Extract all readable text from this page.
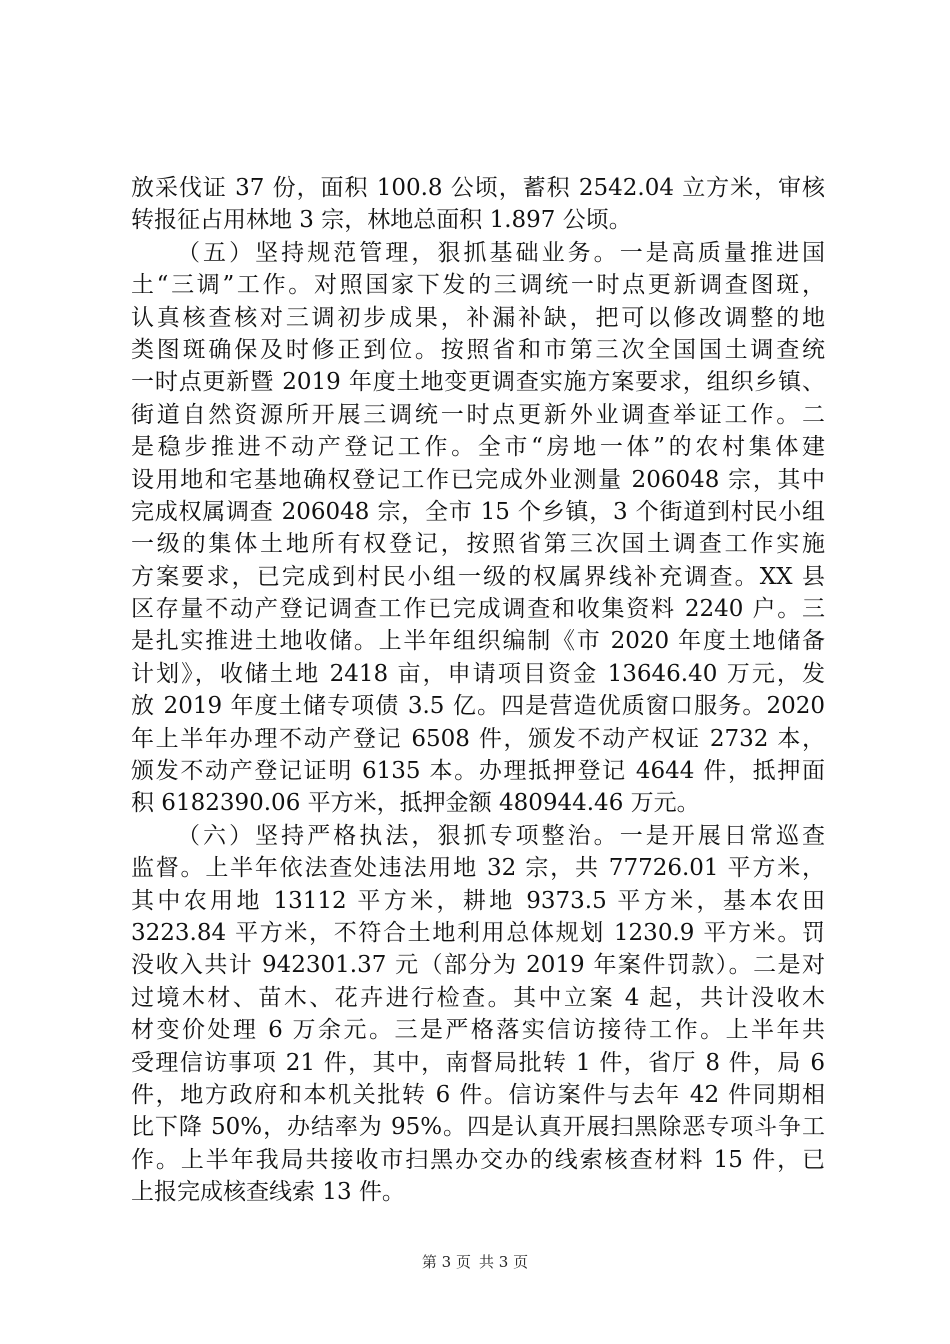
放采伐证 37 份，面积 100.8 公顷，蓄积 2542.04 立方米，审核
转报征占用林地 3 宗，林地总面积 1.897 公顷。
（五）坚持规范管理，狠抓基础业务。一是高质量推进国
土“三调”工作。对照国家下发的三调统一时点更新调查图斑，
认真核查核对三调初步成果，补漏补缺，把可以修改调整的地
类图斑确保及时修正到位。按照省和市第三次全国国土调查统
一时点更新暨 2019 年度土地变更调查实施方案要求，组织乡镇、
街道自然资源所开展三调统一时点更新外业调查举证工作。二
是稳步推进不动产登记工作。全市“房地一体”的农村集体建
设用地和宅基地确权登记工作已完成外业测量 206048 宗，其中
完成权属调查 206048 宗，全市 15 个乡镇，3 个街道到村民小组
一级的集体土地所有权登记，按照省第三次国土调查工作实施
方案要求，已完成到村民小组一级的权属界线补充调查。XX 县
区存量不动产登记调查工作已完成调查和收集资料 2240 户。三
是扎实推进土地收储。上半年组织编制《市 2020 年度土地储备
计划》，收储土地 2418 亩，申请项目资金 13646.40 万元，发
放 2019 年度土储专项债 3.5 亿。四是营造优质窗口服务。2020
年上半年办理不动产登记 6508 件，颁发不动产权证 2732 本，
颁发不动产登记证明 6135 本。办理抵押登记 4644 件，抵押面
积 6182390.06 平方米，抵押金额 480944.46 万元。
（六）坚持严格执法，狠抓专项整治。一是开展日常巡查
监督。上半年依法查处违法用地 32 宗，共 77726.01 平方米，
其中农用地 13112 平方米，耕地 9373.5 平方米，基本农田
3223.84 平方米，不符合土地利用总体规划 1230.9 平方米。罚
没收入共计 942301.37 元（部分为 2019 年案件罚款）。二是对
过境木材、苗木、花卉进行检查。其中立案 4 起，共计没收木
材变价处理 6 万余元。三是严格落实信访接待工作。上半年共
受理信访事项 21 件，其中，南督局批转 1 件，省厅 8 件，局 6
件，地方政府和本机关批转 6 件。信访案件与去年 42 件同期相
比下降 50%，办结率为 95%。四是认真开展扫黑除恶专项斗争工
作。上半年我局共接收市扫黑办交办的线索核查材料 15 件，已
上报完成核查线索 13 件。
第 3 页 共 3 页
